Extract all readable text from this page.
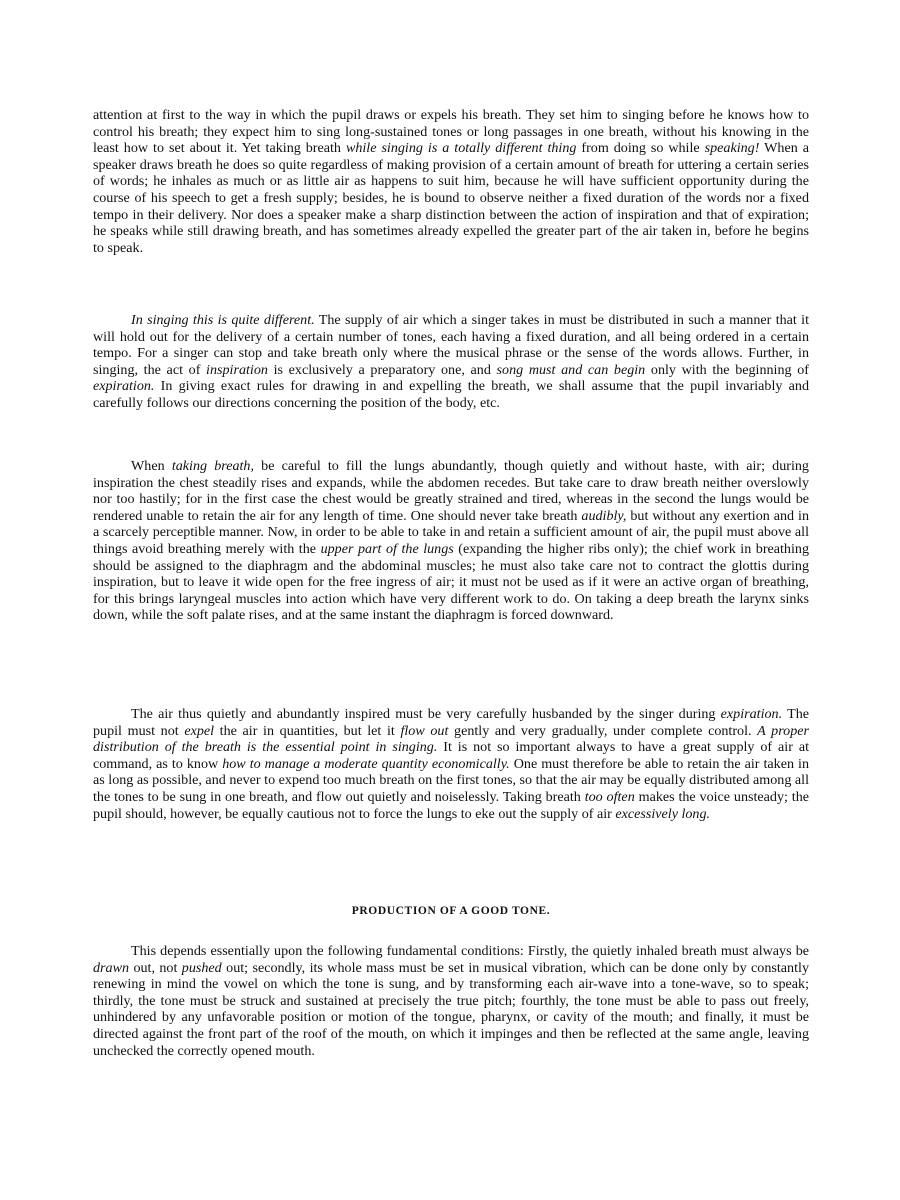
attention at first to the way in which the pupil draws or expels his breath. They set him to singing before he knows how to control his breath; they expect him to sing long-sustained tones or long passages in one breath, without his knowing in the least how to set about it. Yet taking breath while singing is a totally different thing from doing so while speaking! When a speaker draws breath he does so quite regardless of making provision of a certain amount of breath for uttering a certain series of words; he inhales as much or as little air as happens to suit him, because he will have sufficient opportunity during the course of his speech to get a fresh supply; besides, he is bound to observe neither a fixed duration of the words nor a fixed tempo in their delivery. Nor does a speaker make a sharp distinction between the action of inspiration and that of expiration; he speaks while still drawing breath, and has sometimes already expelled the greater part of the air taken in, before he begins to speak.

In singing this is quite different. The supply of air which a singer takes in must be distributed in such a manner that it will hold out for the delivery of a certain number of tones, each having a fixed duration, and all being ordered in a certain tempo. For a singer can stop and take breath only where the musical phrase or the sense of the words allows. Further, in singing, the act of inspiration is exclusively a preparatory one, and song must and can begin only with the beginning of expiration. In giving exact rules for drawing in and expelling the breath, we shall assume that the pupil invariably and carefully follows our directions concerning the position of the body, etc.

When taking breath, be careful to fill the lungs abundantly, though quietly and without haste, with air; during inspiration the chest steadily rises and expands, while the abdomen recedes. But take care to draw breath neither overslowly nor too hastily; for in the first case the chest would be greatly strained and tired, whereas in the second the lungs would be rendered unable to retain the air for any length of time. One should never take breath audibly, but without any exertion and in a scarcely perceptible manner. Now, in order to be able to take in and retain a sufficient amount of air, the pupil must above all things avoid breathing merely with the upper part of the lungs (expanding the higher ribs only); the chief work in breathing should be assigned to the diaphragm and the abdominal muscles; he must also take care not to contract the glottis during inspiration, but to leave it wide open for the free ingress of air; it must not be used as if it were an active organ of breathing, for this brings laryngeal muscles into action which have very different work to do. On taking a deep breath the larynx sinks down, while the soft palate rises, and at the same instant the diaphragm is forced downward.

The air thus quietly and abundantly inspired must be very carefully husbanded by the singer during expiration. The pupil must not expel the air in quantities, but let it flow out gently and very gradually, under complete control. A proper distribution of the breath is the essential point in singing. It is not so important always to have a great supply of air at command, as to know how to manage a moderate quantity economically. One must therefore be able to retain the air taken in as long as possible, and never to expend too much breath on the first tones, so that the air may be equally distributed among all the tones to be sung in one breath, and flow out quietly and noiselessly. Taking breath too often makes the voice unsteady; the pupil should, however, be equally cautious not to force the lungs to eke out the supply of air excessively long.

PRODUCTION OF A GOOD TONE.

This depends essentially upon the following fundamental conditions: Firstly, the quietly inhaled breath must always be drawn out, not pushed out; secondly, its whole mass must be set in musical vibration, which can be done only by constantly renewing in mind the vowel on which the tone is sung, and by transforming each air-wave into a tone-wave, so to speak; thirdly, the tone must be struck and sustained at precisely the true pitch; fourthly, the tone must be able to pass out freely, unhindered by any unfavorable position or motion of the tongue, pharynx, or cavity of the mouth; and finally, it must be directed against the front part of the roof of the mouth, on which it impinges and then be reflected at the same angle, leaving unchecked the correctly opened mouth.
